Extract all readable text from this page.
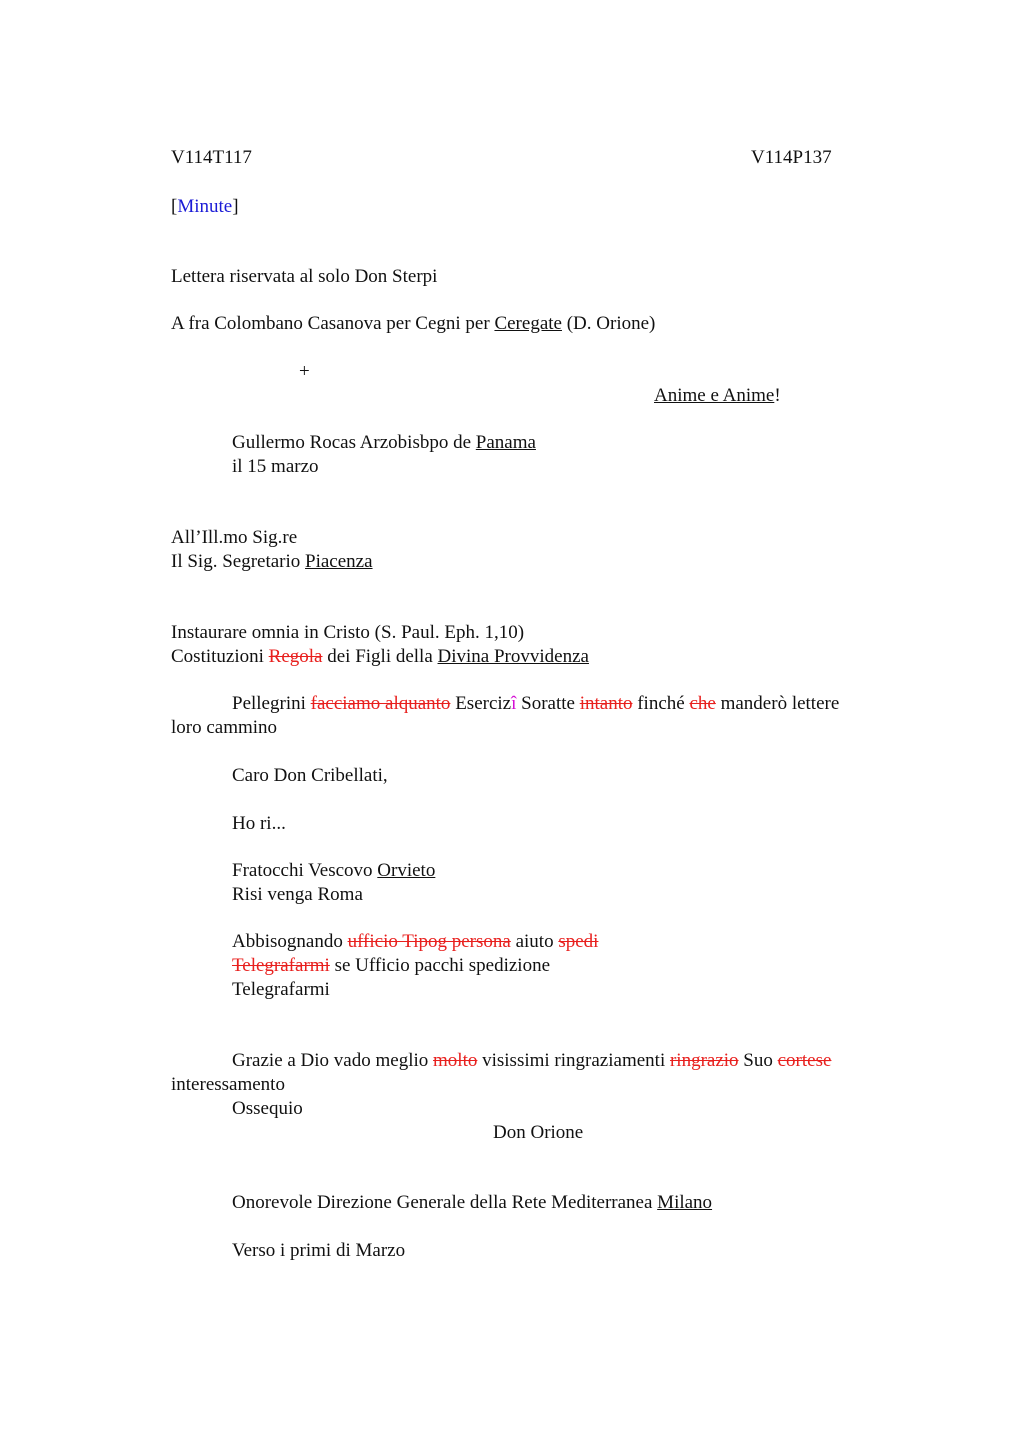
V114T117	V114P137
[Minute]
Lettera riservata al solo Don Sterpi
A fra Colombano Casanova per Cegni per Ceregate (D. Orione)
+
Anime e Anime!
Gullermo Rocas Arzobisbpo de Panama
il 15 marzo
All’Ill.mo Sig.re
Il Sig. Segretario Piacenza
Instaurare omnia in Cristo (S. Paul. Eph. 1,10)
Costituzioni Regola dei Figli della Divina Provvidenza
Pellegrini facciamo alquanto Esercizî Soratte intanto finché che manderò lettere
loro cammino
Caro Don Cribellati,
Ho ri...
Fratocchi Vescovo Orvieto
Risi venga Roma
Abbisognando ufficio Tipog persona aiuto spedi
Telegrafarmi se Ufficio pacchi spedizione
Telegrafarmi
Grazie a Dio vado meglio molto visissimi ringraziamenti ringrazio Suo cortese
interessamento
Ossequio
Don Orione
Onorevole Direzione Generale della Rete Mediterranea Milano
Verso i primi di Marzo
